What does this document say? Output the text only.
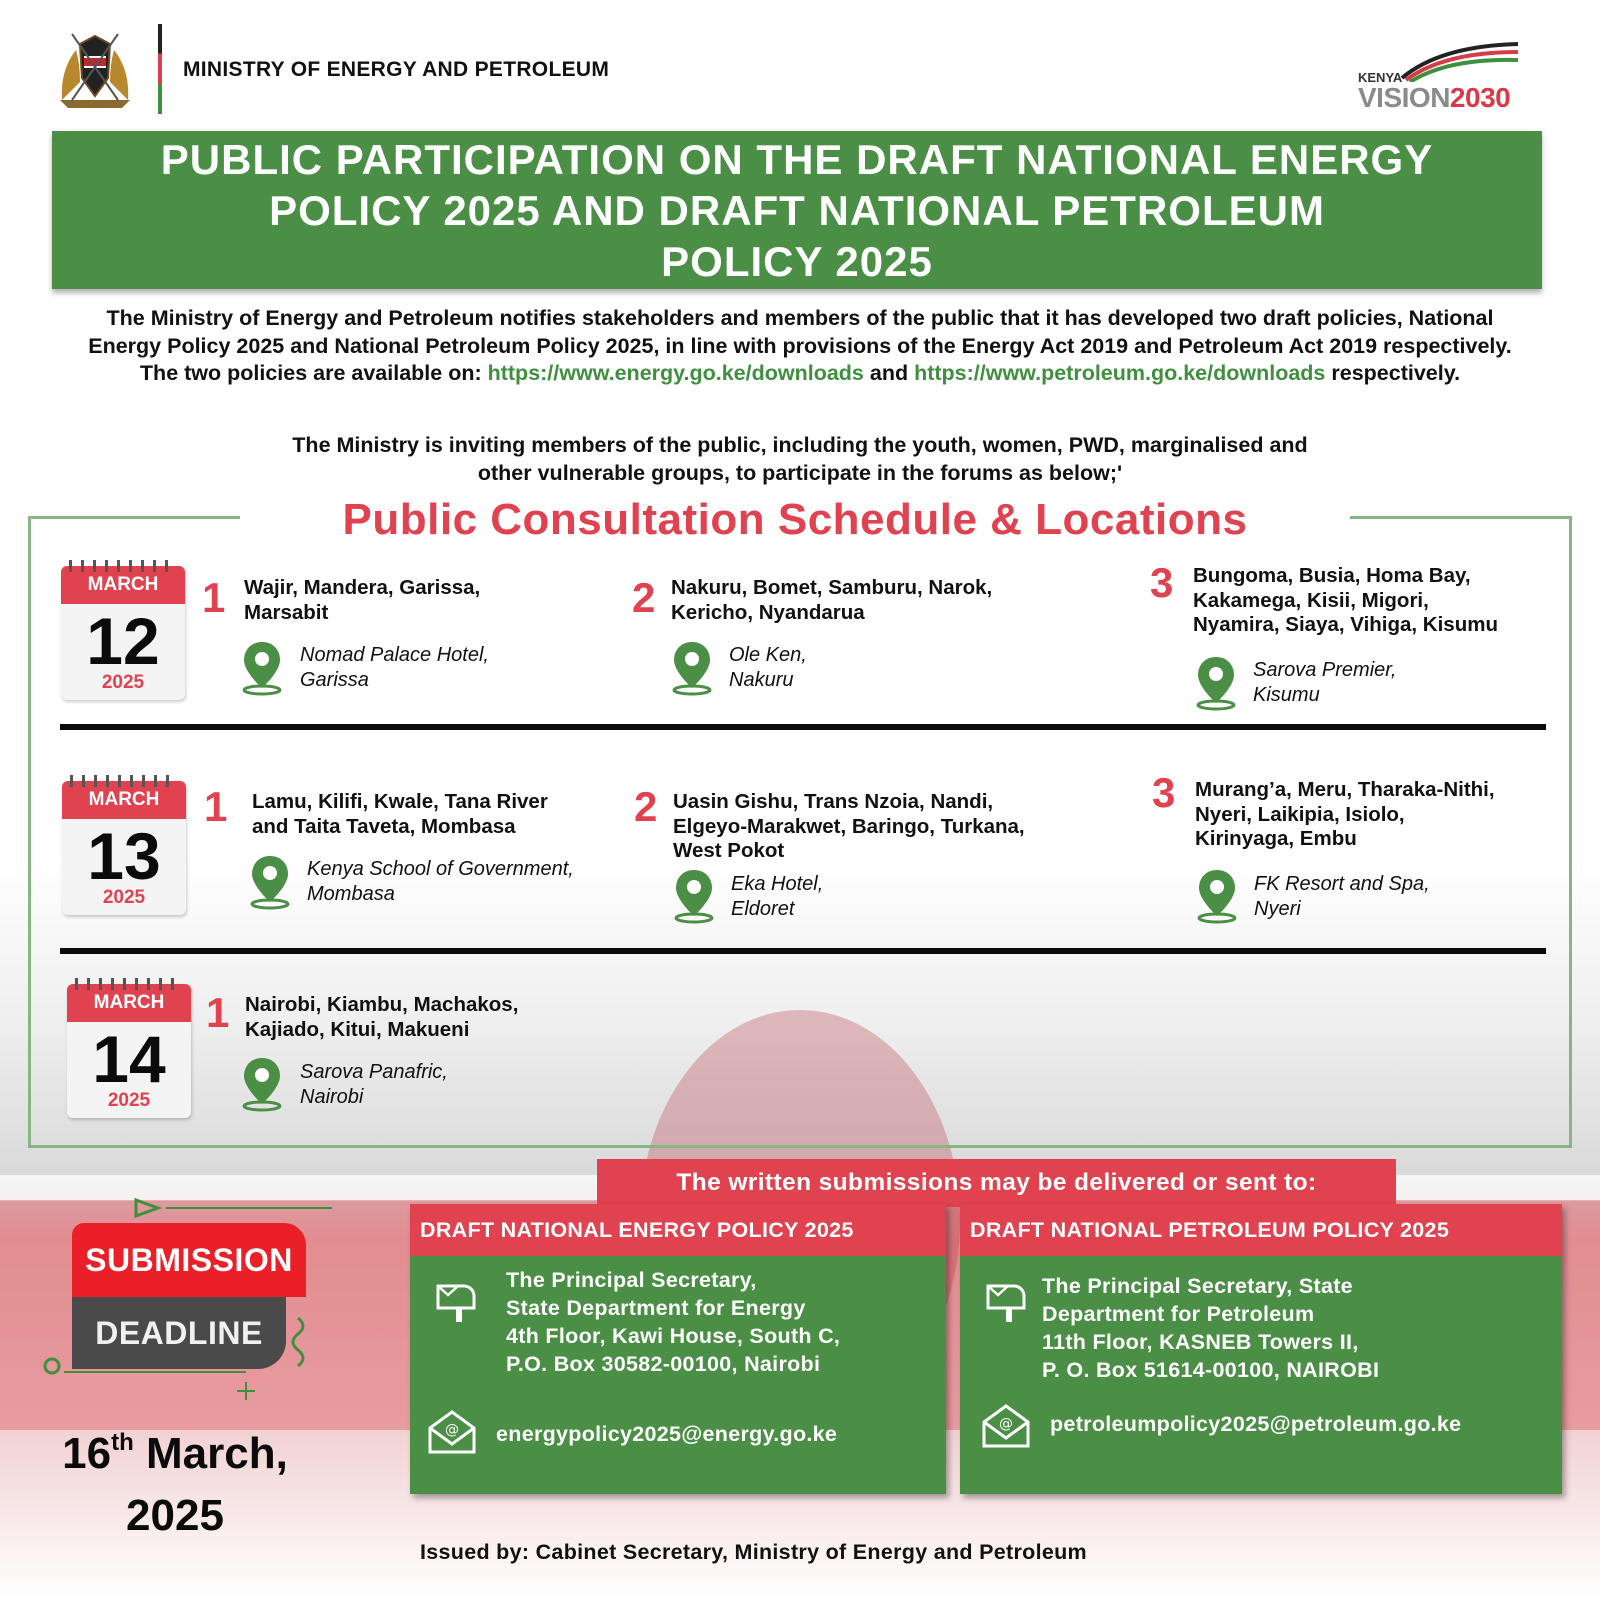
MINISTRY OF ENERGY AND PETROLEUM	KENYA
VISION2030
PUBLIC PARTICIPATION ON THE DRAFT NATIONAL ENERGY
POLICY 2025 AND DRAFT NATIONAL PETROLEUM
POLICY 2025

The Ministry of Energy and Petroleum notifies stakeholders and members of the public that it has developed two draft policies, National Energy Policy 2025 and National Petroleum Policy 2025, in line with provisions of the Energy Act 2019 and Petroleum Act 2019 respectively. The two policies are available on: https://www.energy.go.ke/downloads and https://www.petroleum.go.ke/downloads respectively.

The Ministry is inviting members of the public, including the youth, women, PWD, marginalised and
other vulnerable groups, to participate in the forums as below;'

Public Consultation Schedule & Locations
MARCH
12
2025
1 Wajir, Mandera, Garissa,
Marsabit
Nomad Palace Hotel,
Garissa
2 Nakuru, Bomet, Samburu, Narok,
Kericho, Nyandarua
Ole Ken,
Nakuru
3 Bungoma, Busia, Homa Bay,
Kakamega, Kisii, Migori,
Nyamira, Siaya, Vihiga, Kisumu
Sarova Premier,
Kisumu
MARCH
13
2025
1 Lamu, Kilifi, Kwale, Tana River
and Taita Taveta, Mombasa
Kenya School of Government,
Mombasa
2 Uasin Gishu, Trans Nzoia, Nandi,
Elgeyo-Marakwet, Baringo, Turkana,
West Pokot
Eka Hotel,
Eldoret
3 Murang’a, Meru, Tharaka-Nithi,
Nyeri, Laikipia, Isiolo,
Kirinyaga, Embu
FK Resort and Spa,
Nyeri
MARCH
14
2025
1 Nairobi, Kiambu, Machakos,
Kajiado, Kitui, Makueni
Sarova Panafric,
Nairobi
The written submissions may be delivered or sent to:
DRAFT NATIONAL ENERGY POLICY 2025
The Principal Secretary,
State Department for Energy
4th Floor, Kawi House, South C,
P.O. Box 30582-00100, Nairobi
@ energypolicy2025@energy.go.ke
DRAFT NATIONAL PETROLEUM POLICY 2025
The Principal Secretary, State
Department for Petroleum
11th Floor, KASNEB Towers II,
P. O. Box 51614-00100, NAIROBI
@ petroleumpolicy2025@petroleum.go.ke
SUBMISSION
DEADLINE
16th March,
2025
Issued by: Cabinet Secretary, Ministry of Energy and Petroleum
